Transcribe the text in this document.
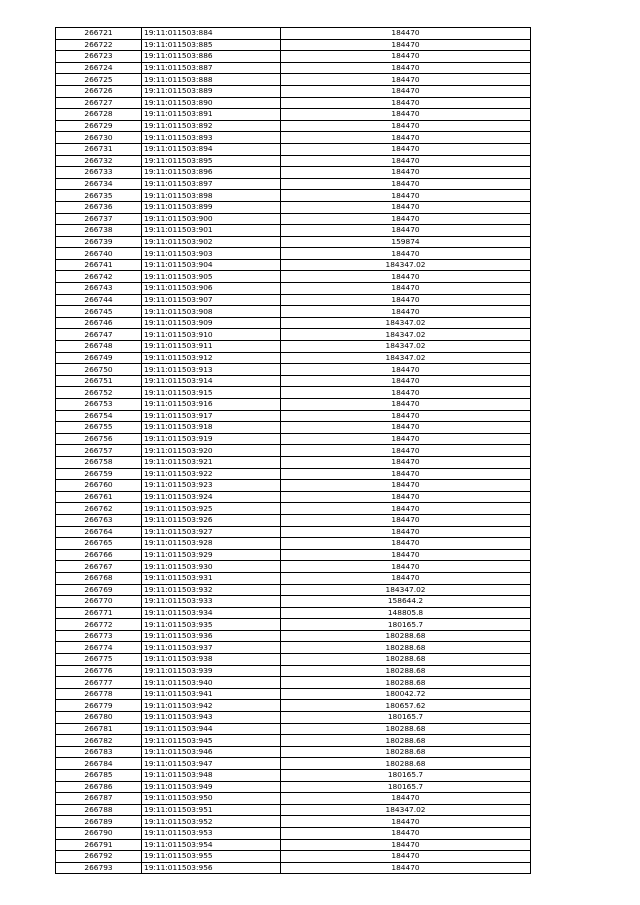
266721	19:11:011503:884	184470
266722	19:11:011503:885	184470
266723	19:11:011503:886	184470
266724	19:11:011503:887	184470
266725	19:11:011503:888	184470
266726	19:11:011503:889	184470
266727	19:11:011503:890	184470
266728	19:11:011503:891	184470
266729	19:11:011503:892	184470
266730	19:11:011503:893	184470
266731	19:11:011503:894	184470
266732	19:11:011503:895	184470
266733	19:11:011503:896	184470
266734	19:11:011503:897	184470
266735	19:11:011503:898	184470
266736	19:11:011503:899	184470
266737	19:11:011503:900	184470
266738	19:11:011503:901	184470
266739	19:11:011503:902	159874
266740	19:11:011503:903	184470
266741	19:11:011503:904	184347.02
266742	19:11:011503:905	184470
266743	19:11:011503:906	184470
266744	19:11:011503:907	184470
266745	19:11:011503:908	184470
266746	19:11:011503:909	184347.02
266747	19:11:011503:910	184347.02
266748	19:11:011503:911	184347.02
266749	19:11:011503:912	184347.02
266750	19:11:011503:913	184470
266751	19:11:011503:914	184470
266752	19:11:011503:915	184470
266753	19:11:011503:916	184470
266754	19:11:011503:917	184470
266755	19:11:011503:918	184470
266756	19:11:011503:919	184470
266757	19:11:011503:920	184470
266758	19:11:011503:921	184470
266759	19:11:011503:922	184470
266760	19:11:011503:923	184470
266761	19:11:011503:924	184470
266762	19:11:011503:925	184470
266763	19:11:011503:926	184470
266764	19:11:011503:927	184470
266765	19:11:011503:928	184470
266766	19:11:011503:929	184470
266767	19:11:011503:930	184470
266768	19:11:011503:931	184470
266769	19:11:011503:932	184347.02
266770	19:11:011503:933	158644.2
266771	19:11:011503:934	148805.8
266772	19:11:011503:935	180165.7
266773	19:11:011503:936	180288.68
266774	19:11:011503:937	180288.68
266775	19:11:011503:938	180288.68
266776	19:11:011503:939	180288.68
266777	19:11:011503:940	180288.68
266778	19:11:011503:941	180042.72
266779	19:11:011503:942	180657.62
266780	19:11:011503:943	180165.7
266781	19:11:011503:944	180288.68
266782	19:11:011503:945	180288.68
266783	19:11:011503:946	180288.68
266784	19:11:011503:947	180288.68
266785	19:11:011503:948	180165.7
266786	19:11:011503:949	180165.7
266787	19:11:011503:950	184470
266788	19:11:011503:951	184347.02
266789	19:11:011503:952	184470
266790	19:11:011503:953	184470
266791	19:11:011503:954	184470
266792	19:11:011503:955	184470
266793	19:11:011503:956	184470
